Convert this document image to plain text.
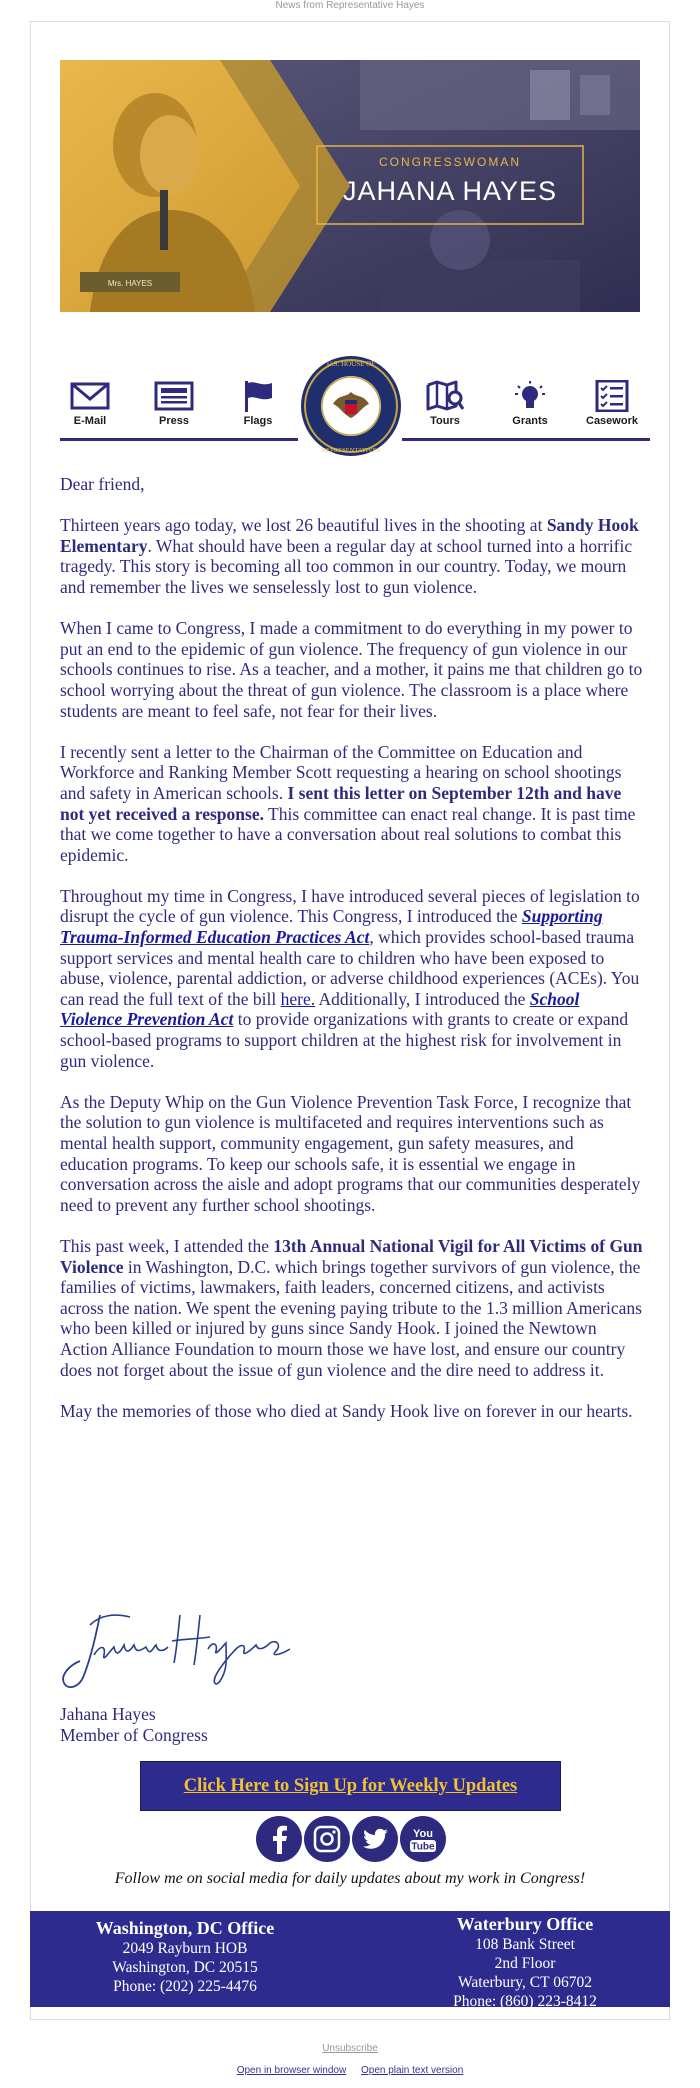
News from Representative Hayes
Mrs. HAYES
CONGRESSWOMAN
JAHANA HAYES
E-Mail	Press	Flags
U.S. HOUSE OF
REPRESENTATIVES
Tours	Grants	Casework

Dear friend,

Thirteen years ago today, we lost 26 beautiful lives in the shooting at Sandy Hook Elementary. What should have been a regular day at school turned into a horrific tragedy. This story is becoming all too common in our country. Today, we mourn and remember the lives we senselessly lost to gun violence.

When I came to Congress, I made a commitment to do everything in my power to put an end to the epidemic of gun violence. The frequency of gun violence in our schools continues to rise. As a teacher, and a mother, it pains me that children go to school worrying about the threat of gun violence. The classroom is a place where students are meant to feel safe, not fear for their lives.

I recently sent a letter to the Chairman of the Committee on Education and Workforce and Ranking Member Scott requesting a hearing on school shootings and safety in American schools. I sent this letter on September 12th and have not yet received a response. This committee can enact real change. It is past time that we come together to have a conversation about real solutions to combat this epidemic.

Throughout my time in Congress, I have introduced several pieces of legislation to disrupt the cycle of gun violence. This Congress, I introduced the Supporting Trauma-Informed Education Practices Act, which provides school-based trauma support services and mental health care to children who have been exposed to abuse, violence, parental addiction, or adverse childhood experiences (ACEs). You can read the full text of the bill here. Additionally, I introduced the School Violence Prevention Act to provide organizations with grants to create or expand school-based programs to support children at the highest risk for involvement in gun violence.

As the Deputy Whip on the Gun Violence Prevention Task Force, I recognize that the solution to gun violence is multifaceted and requires interventions such as mental health support, community engagement, gun safety measures, and education programs. To keep our schools safe, it is essential we engage in conversation across the aisle and adopt programs that our communities desperately need to prevent any further school shootings.

This past week, I attended the 13th Annual National Vigil for All Victims of Gun Violence in Washington, D.C. which brings together survivors of gun violence, the families of victims, lawmakers, faith leaders, concerned citizens, and activists across the nation. We spent the evening paying tribute to the 1.3 million Americans who been killed or injured by guns since Sandy Hook. I joined the Newtown Action Alliance Foundation to mourn those we have lost, and ensure our country does not forget about the issue of gun violence and the dire need to address it.

May the memories of those who died at Sandy Hook live on forever in our hearts.

Jahana Hayes
Member of Congress
Click Here to Sign Up for Weekly Updates
You
Tube
Follow me on social media for daily updates about my work in Congress!
Washington, DC Office
2049 Rayburn HOB
Washington, DC 20515
Phone: (202) 225-4476
Waterbury Office
108 Bank Street
2nd Floor
Waterbury, CT 06702
Phone: (860) 223-8412
Unsubscribe
Open in browser window Open plain text version
